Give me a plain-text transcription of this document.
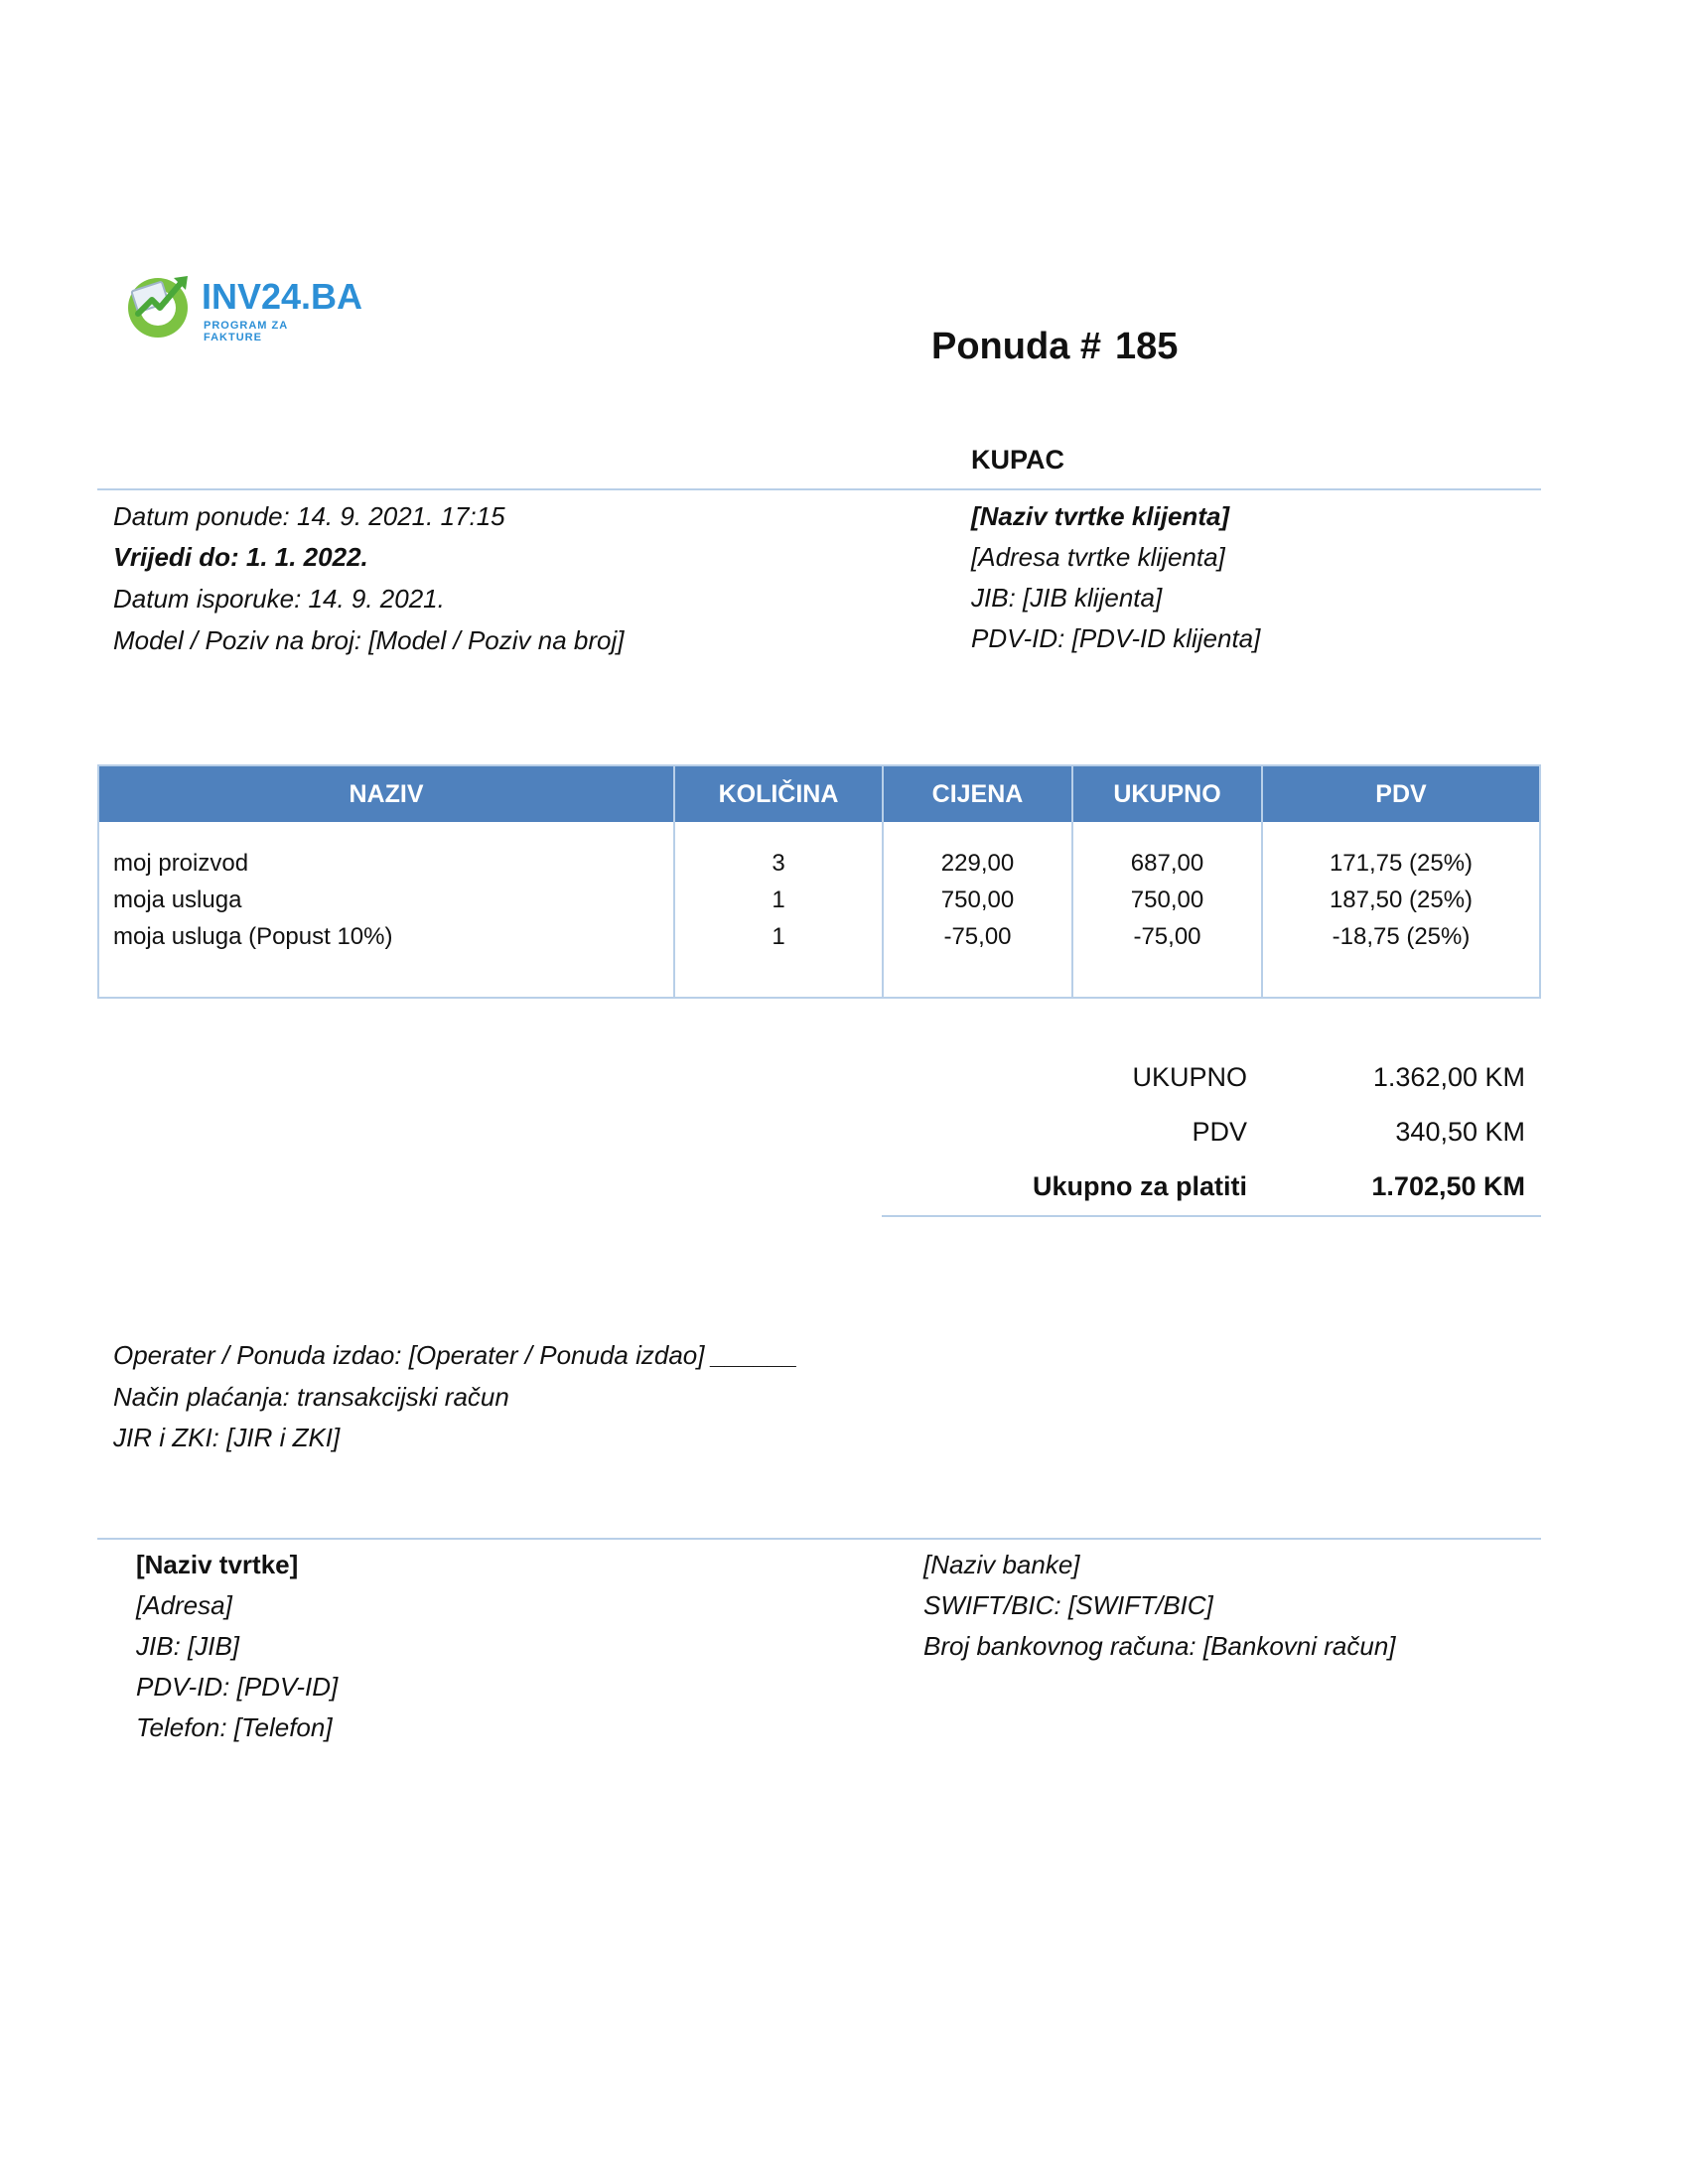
INV24.BA
PROGRAM ZA FAKTURE	Ponuda # 185
KUPAC
Datum ponude: 14. 9. 2021. 17:15
Vrijedi do: 1. 1. 2022.
Datum isporuke: 14. 9. 2021.
Model / Poziv na broj: [Model / Poziv na broj]
[Naziv tvrtke klijenta]
[Adresa tvrtke klijenta]
JIB: [JIB klijenta]
PDV-ID: [PDV-ID klijenta]
NAZIV	KOLIČINA	CIJENA	UKUPNO	PDV
moj proizvod	3	229,00	687,00	171,75 (25%)
moja usluga	1	750,00	750,00	187,50 (25%)
moja usluga (Popust 10%)	1	-75,00	-75,00	-18,75 (25%)
UKUPNO	1.362,00 KM
PDV	340,50 KM
Ukupno za platiti	1.702,50 KM
Operater / Ponuda izdao: [Operater / Ponuda izdao] ______
Način plaćanja: transakcijski račun
JIR i ZKI: [JIR i ZKI]
[Naziv tvrtke]
[Adresa]
JIB: [JIB]
PDV-ID: [PDV-ID]
Telefon: [Telefon]
[Naziv banke]
SWIFT/BIC: [SWIFT/BIC]
Broj bankovnog računa: [Bankovni račun]
